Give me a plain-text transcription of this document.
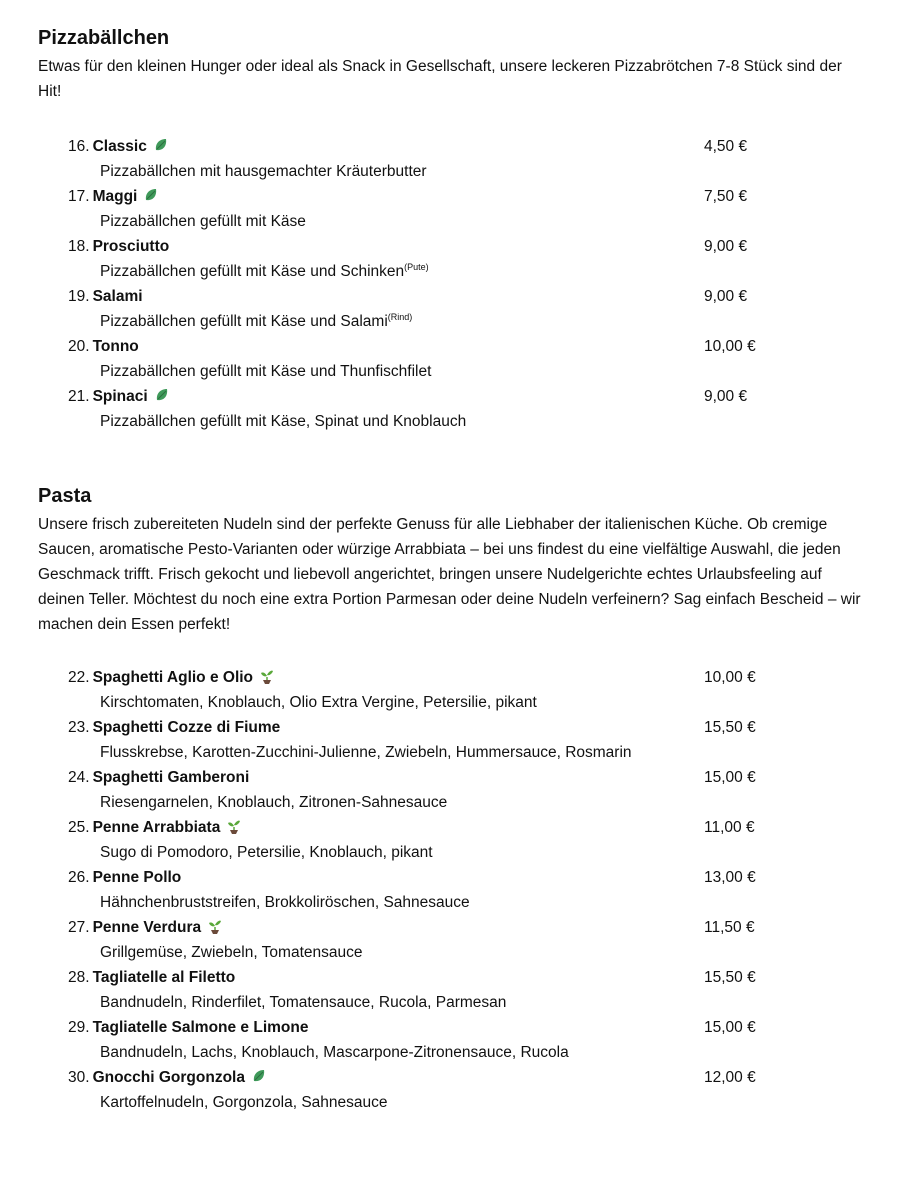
Pizzabällchen

Etwas für den kleinen Hunger oder ideal als Snack in Gesellschaft, unsere leckeren Pizzabrötchen 7-8 Stück sind der Hit!

16. Classic	4,50 €
Pizzabällchen mit hausgemachter Kräuterbutter
17. Maggi	7,50 €
Pizzabällchen gefüllt mit Käse
18. Prosciutto	9,00 €
Pizzabällchen gefüllt mit Käse und Schinken$^{(Pute)}$
19. Salami	9,00 €
Pizzabällchen gefüllt mit Käse und Salami$^{(Rind)}$
20. Tonno	10,00 €
Pizzabällchen gefüllt mit Käse und Thunfischfilet
21. Spinaci	9,00 €
Pizzabällchen gefüllt mit Käse, Spinat und Knoblauch
Pasta

Unsere frisch zubereiteten Nudeln sind der perfekte Genuss für alle Liebhaber der italienischen Küche. Ob cremige Saucen, aromatische Pesto-Varianten oder würzige Arrabbiata – bei uns findest du eine vielfältige Auswahl, die jeden Geschmack trifft. Frisch gekocht und liebevoll angerichtet, bringen unsere Nudelgerichte echtes Urlaubsfeeling auf deinen Teller. Möchtest du noch eine extra Portion Parmesan oder deine Nudeln verfeinern? Sag einfach Bescheid – wir machen dein Essen perfekt!

22. Spaghetti Aglio e Olio	10,00 €
Kirschtomaten, Knoblauch, Olio Extra Vergine, Petersilie, pikant
23. Spaghetti Cozze di Fiume	15,50 €
Flusskrebse, Karotten-Zucchini-Julienne, Zwiebeln, Hummersauce, Rosmarin
24. Spaghetti Gamberoni	15,00 €
Riesengarnelen, Knoblauch, Zitronen-Sahnesauce
25. Penne Arrabbiata	11,00 €
Sugo di Pomodoro, Petersilie, Knoblauch, pikant
26. Penne Pollo	13,00 €
Hähnchenbruststreifen, Brokkoliröschen, Sahnesauce
27. Penne Verdura	11,50 €
Grillgemüse, Zwiebeln, Tomatensauce
28. Tagliatelle al Filetto	15,50 €
Bandnudeln, Rinderfilet, Tomatensauce, Rucola, Parmesan
29. Tagliatelle Salmone e Limone	15,00 €
Bandnudeln, Lachs, Knoblauch, Mascarpone-Zitronensauce, Rucola
30. Gnocchi Gorgonzola	12,00 €
Kartoffelnudeln, Gorgonzola, Sahnesauce
